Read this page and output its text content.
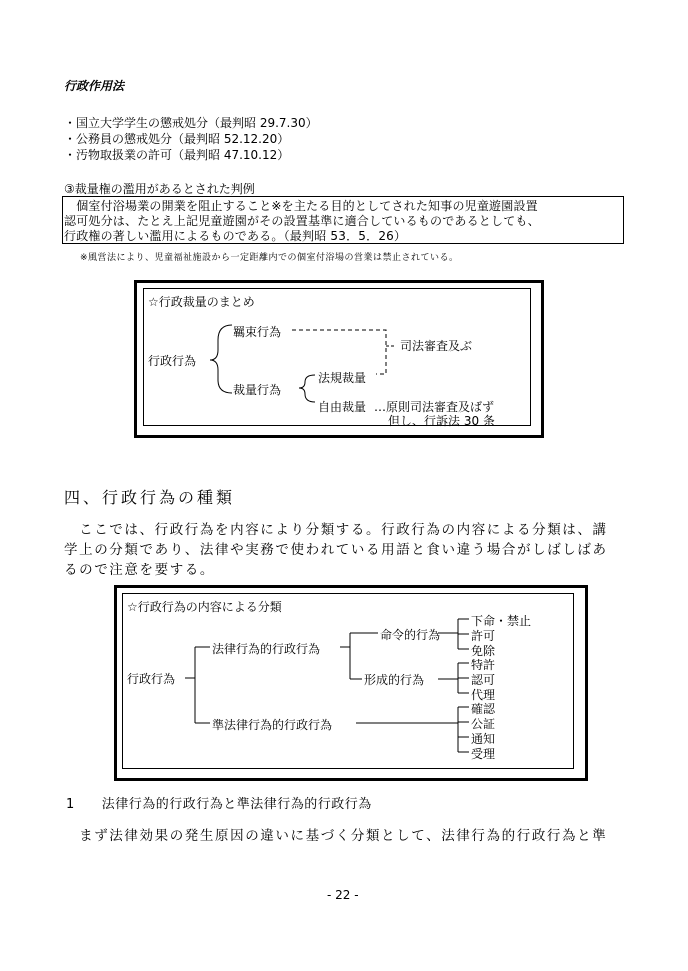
行政作用法
・国立大学学生の懲戒処分（最判昭 29.7.30）
・公務員の懲戒処分（最判昭 52.12.20）
・汚物取扱業の許可（最判昭 47.10.12）
③裁量権の濫用があるとされた判例
　個室付浴場業の開業を阻止すること※を主たる目的としてされた知事の児童遊園設置
認可処分は、たとえ上記児童遊園がその設置基準に適合しているものであるとしても、
行政権の著しい濫用によるものである。（最判昭 53．5．26）
※風営法により、児童福祉施設から一定距離内での個室付浴場の営業は禁止されている。
☆行政裁量のまとめ
行政行為
羈束行為
裁量行為
司法審査及ぶ
法規裁量
自由裁量 …原則司法審査及ばず
但し、行訴法 30 条
四、行政行為の種類
　ここでは、行政行為を内容により分類する。行政行為の内容による分類は、講
学上の分類であり、法律や実務で使われている用語と食い違う場合がしばしばあ
るので注意を要する。
☆行政行為の内容による分類
行政行為
法律行為的行政行為
準法律行為的行政行為
命令的行為
形成的行為
下命・禁止
許可
免除
特許
認可
代理
確認
公証
通知
受理
1　　法律行為的行政行為と準法律行為的行政行為
　まず法律効果の発生原因の違いに基づく分類として、法律行為的行政行為と準
- 22 -
